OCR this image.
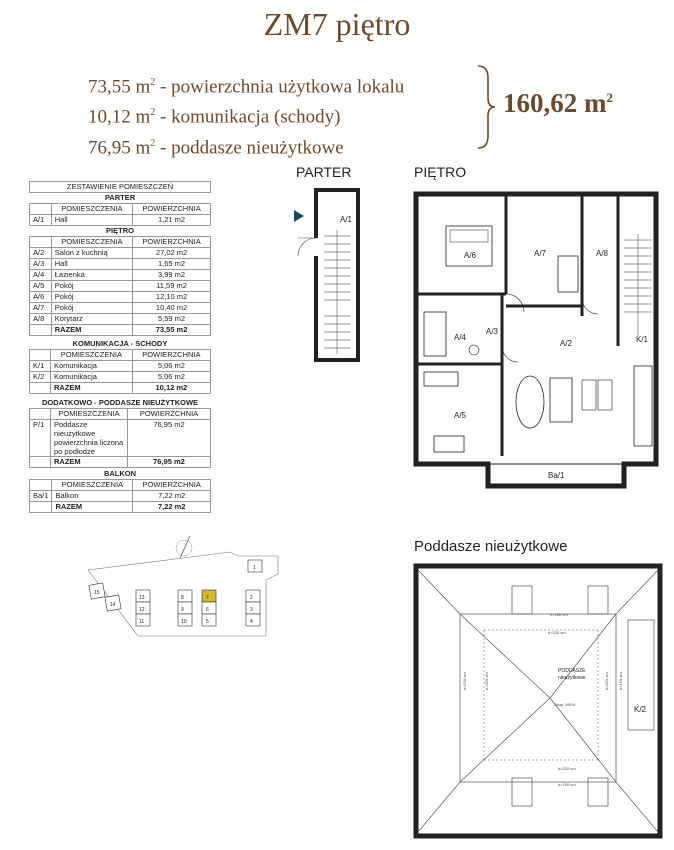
ZM7 piętro
73,55 $m^2$ - powierzchnia użytkowa lokalu
10,12 $m^2$ - komunikacja (schody)
76,95 $m^2$ - poddasze nieużytkowe
160,62 $m^2$
PARTER	PIĘTRO
Poddasze nieużytkowe
ZESTAWIENIE POMIESZCZEŃ		
PARTER		
	POMIESZCZENIA	POWIERZCHNIA
A/1	Hall	1,21 m2
PIĘTRO		
	POMIESZCZENIA	POWIERZCHNIA
A/2	Salon z kuchnią	27,02 m2
A/3	Hall	1,65 m2
A/4	Łazienka	3,99 m2
A/5	Pokój	11,59 m2
A/6	Pokój	12,10 m2
A/7	Pokój	10,40 m2
A/8	Korytarz	5,59 m2
	RAZEM	73,55 m2
KOMUNIKACJA - SCHODY		
	POMIESZCZENIA	POWIERZCHNIA
K/1	Komunikacja	5,06 m2
K/2	Komunikacja	5,06 m2
	RAZEM	10,12 m2
DODATKOWO - PODDASZE NIEUŻYTKOWE		
	POMIESZCZENIA	POWIERZCHNIA
P/1	Poddasze nieużytkowe powierzchnia liczona po podłodze	76,95 m2
	RAZEM	76,95 m2
BALKON		
	POMIESZCZENIA	POWIERZCHNIA
Ba/1	Balkon	7,22 m2
	RAZEM	7,22 m2
A/1
A/6	A/7	A/8
A/4
A/3
A/2
A/5
K/1
Ba/1
15
14
13
12
11
8
9
10
7
6
5
2
3
4
1
h=150 cm
h=220 cm
h=150 cm	h=220 cm	h=220 cm h=150 cm
h=150 cm
h=220 cm
Skup. 59/14
PODDASZE
nieużytkowe
K/2
